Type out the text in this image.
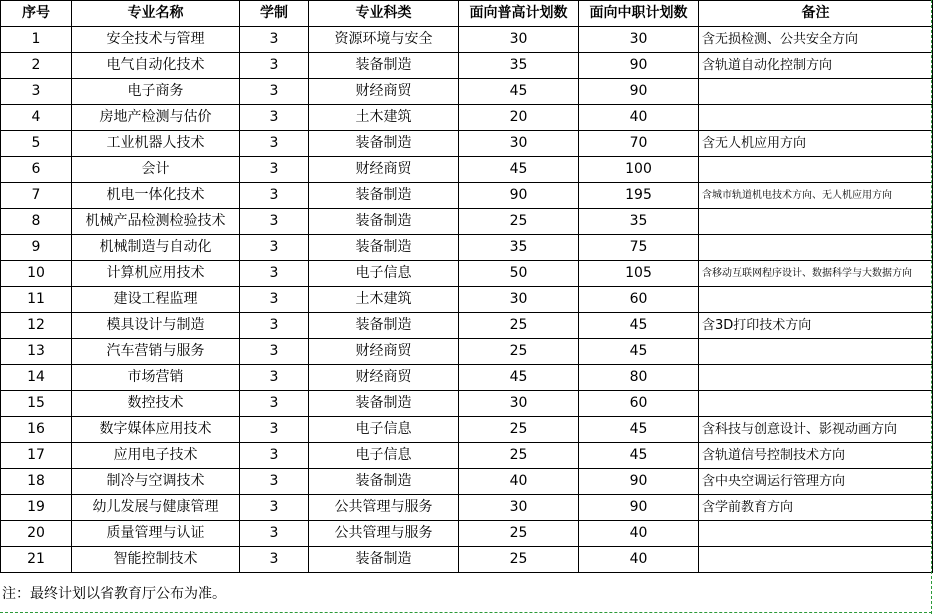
序号	专业名称	学制	专业科类	面向普高计划数	面向中职计划数	备注
1	安全技术与管理	3	资源环境与安全	30	30	含无损检测、公共安全方向
2	电气自动化技术	3	装备制造	35	90	含轨道自动化控制方向
3	电子商务	3	财经商贸	45	90	
4	房地产检测与估价	3	土木建筑	20	40	
5	工业机器人技术	3	装备制造	30	70	含无人机应用方向
6	会计	3	财经商贸	45	100	
7	机电一体化技术	3	装备制造	90	195	含城市轨道机电技术方向、无人机应用方向
8	机械产品检测检验技术	3	装备制造	25	35	
9	机械制造与自动化	3	装备制造	35	75	
10	计算机应用技术	3	电子信息	50	105	含移动互联网程序设计、数据科学与大数据方向
11	建设工程监理	3	土木建筑	30	60	
12	模具设计与制造	3	装备制造	25	45	含3D打印技术方向
13	汽车营销与服务	3	财经商贸	25	45	
14	市场营销	3	财经商贸	45	80	
15	数控技术	3	装备制造	30	60	
16	数字媒体应用技术	3	电子信息	25	45	含科技与创意设计、影视动画方向
17	应用电子技术	3	电子信息	25	45	含轨道信号控制技术方向
18	制冷与空调技术	3	装备制造	40	90	含中央空调运行管理方向
19	幼儿发展与健康管理	3	公共管理与服务	30	90	含学前教育方向
20	质量管理与认证	3	公共管理与服务	25	40	
21	智能控制技术	3	装备制造	25	40	
注：最终计划以省教育厅公布为准。
